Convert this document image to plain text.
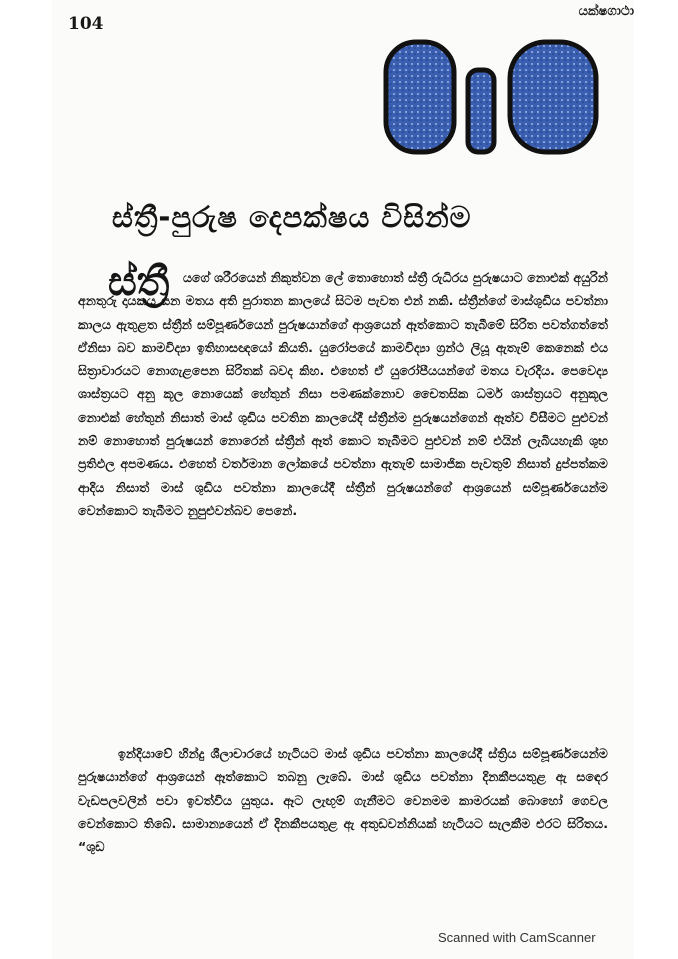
104
යක්ෂගාථා
මාස්
ස්ත්‍රී-පුරුෂ දෙපක්ෂය විසින්ම
ස්ත්‍රී	යගේ ශරීරයෙන් නිකුත්වන ලේ තොහොත් ස්ත්‍රී රුධිරය පුරුෂයාට නොළුක් අයුරින් අනතුරු දායකය යන මතය අති පුරාතන කාලයේ සිටම පැවත එන් නකි. ස්ත්‍රීන්ගේ මාස්ශුඩිය පවත්නා කාලය ඇතුළත ස්ත්‍රීන් සම්පූර්ණයෙන් පුරුෂයාන්ගේ ආශ්‍රයෙන් ඈත්කොට තැබීමේ සිරිත පවත්ගත්තේ ඒනිසා බව කාමවිද්‍යා ඉතිහාසඥයෝ කියති. යුරෝපයේ කාමවිද්‍යා ග්‍රන්ථ ලියූ ඇතැම් කෙනෙක් එය සිත්‍රාවාරයට නොගැළපෙන සිරිතක් බවද කිහ. එහෙත් ඒ යුරෝපීයයන්ගේ මතය වැරදිය. පෙවෙද්‍ය ශාස්ත්‍රයට අනු කූල නොයෙක් හේතුන් නිසා පමණක්නොව චෛතසික ධර්ම ශාස්ත්‍රයට අනුකූල නොළුක් හේතුන් නිසාත් මාස් ශුඩිය පවතින කාලයේදී ස්ත්‍රීන්ම පුරුෂයන්ගෙන් ඈත්ව විසීමට පුළුවන් නම් නොහොත් පුරුෂයන් නොරෙන් ස්ත්‍රීන් ඈත් කොට තැබීමට පුළුවන් නම් එයින් ලැබියහැකි ශුභ ප්‍රතිඵල අපමණය. එහෙත් වර්තමාන ලෝකයේ පවත්නා ඇතැම් සාමාජික පැවතුම් නිසාත් දුප්පත්කම ආදිය නිසාත් මාස් ශුඩිය පවත්නා කාලයේදී ස්ත්‍රීන් පුරුෂයන්ගේ ආශ්‍රයෙන් සම්පූර්ණයෙන්ම වෙන්කොට තැබීමට නුපුළුවන්බව පෙනේ.

ඉන්දියාවේ හින්දු ශීලාචාරයේ හැටියට මාස් ශුඩිය පවත්නා කාලයේදී ස්ත්‍රිය සම්පූර්ණයෙන්ම පුරුෂයාන්ගේ ආශ්‍රයෙන් ඈත්කොට තබනු ලැබේ. මාස් ශුඩිය පවත්නා දිනකීපයතුළ ඇ සඳෙර වැඩපලවලින් පවා ඉවත්විය යුතුය. ඈට ලැඟුම් ගැනීමට වෙනමම කාමරයක් බොහෝ ගෙවල වෙන්කොට තිබේ. සාමාන්‍යයෙන් ඒ දිනකීපයතුළ ඇ අතුඩවන්නියක් හැටියට සැලකීම එරට සිරිතය. “ශුඩ

Scanned with CamScanner
